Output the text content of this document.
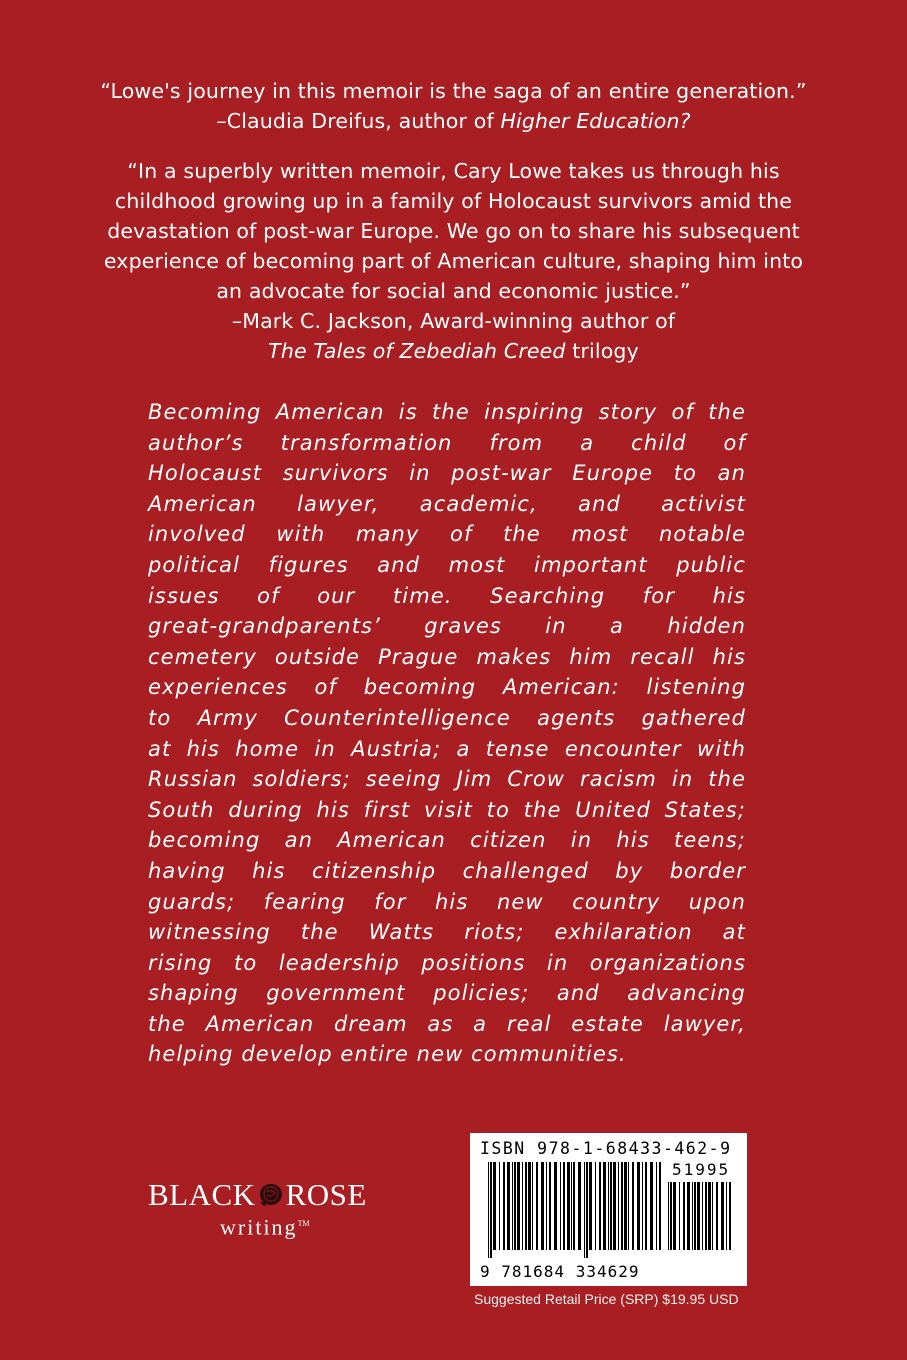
“Lowe's journey in this memoir is the saga of an entire generation.”
–Claudia Dreifus, author of Higher Education?
“In a superbly written memoir, Cary Lowe takes us through his
childhood growing up in a family of Holocaust survivors amid the
devastation of post-war Europe. We go on to share his subsequent
experience of becoming part of American culture, shaping him into
an advocate for social and economic justice.”
–Mark C. Jackson, Award-winning author of
The Tales of Zebediah Creed trilogy
Becoming American is the inspiring story of the
author’s transformation from a child of
Holocaust survivors in post-war Europe to an
American lawyer, academic, and activist
involved with many of the most notable
political figures and most important public
issues of our time. Searching for his
great-grandparents’ graves in a hidden
cemetery outside Prague makes him recall his
experiences of becoming American: listening
to Army Counterintelligence agents gathered
at his home in Austria; a tense encounter with
Russian soldiers; seeing Jim Crow racism in the
South during his first visit to the United States;
becoming an American citizen in his teens;
having his citizenship challenged by border
guards; fearing for his new country upon
witnessing the Watts riots; exhilaration at
rising to leadership positions in organizations
shaping government policies; and advancing
the American dream as a real estate lawyer,
helping develop entire new communities.
BLACK ROSE
writing™
ISBN 978-1-68433-462-9
51995
9 781684 334629
Suggested Retail Price (SRP) $19.95 USD
